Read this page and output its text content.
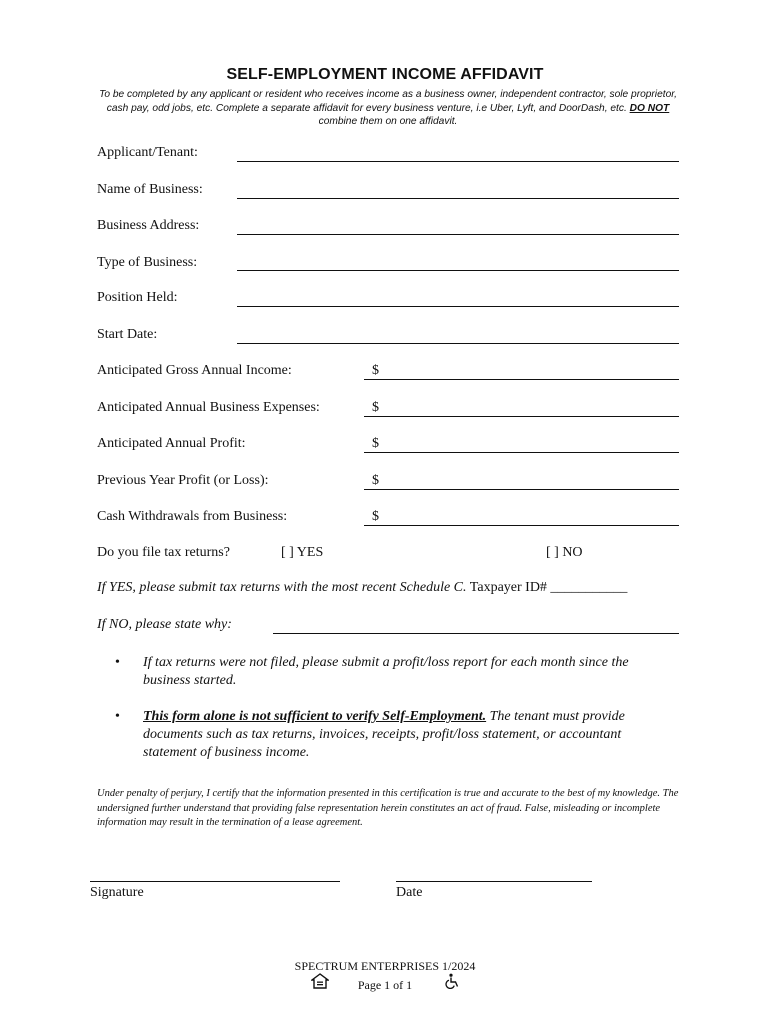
SELF-EMPLOYMENT INCOME AFFIDAVIT
To be completed by any applicant or resident who receives income as a business owner, independent contractor, sole proprietor, cash pay, odd jobs, etc. Complete a separate affidavit for every business venture, i.e Uber, Lyft, and DoorDash, etc. DO NOT combine them on one affidavit.
Applicant/Tenant:
Name of Business:
Business Address:
Type of Business:
Position Held:
Start Date:
Anticipated Gross Annual Income:	$
Anticipated Annual Business Expenses:	$
Anticipated Annual Profit:	$
Previous Year Profit (or Loss):	$
Cash Withdrawals from Business:	$
Do you file tax returns?	[ ] YES	[ ] NO
If YES, please submit tax returns with the most recent Schedule C. Taxpayer ID# ___________
If NO, please state why:
• If tax returns were not filed, please submit a profit/loss report for each month since the business started.
• This form alone is not sufficient to verify Self-Employment. The tenant must provide documents such as tax returns, invoices, receipts, profit/loss statement, or accountant statement of business income.
Under penalty of perjury, I certify that the information presented in this certification is true and accurate to the best of my knowledge. The undersigned further understand that providing false representation herein constitutes an act of fraud. False, misleading or incomplete information may result in the termination of a lease agreement.
Signature	Date
SPECTRUM ENTERPRISES 1/2024
Page 1 of 1
